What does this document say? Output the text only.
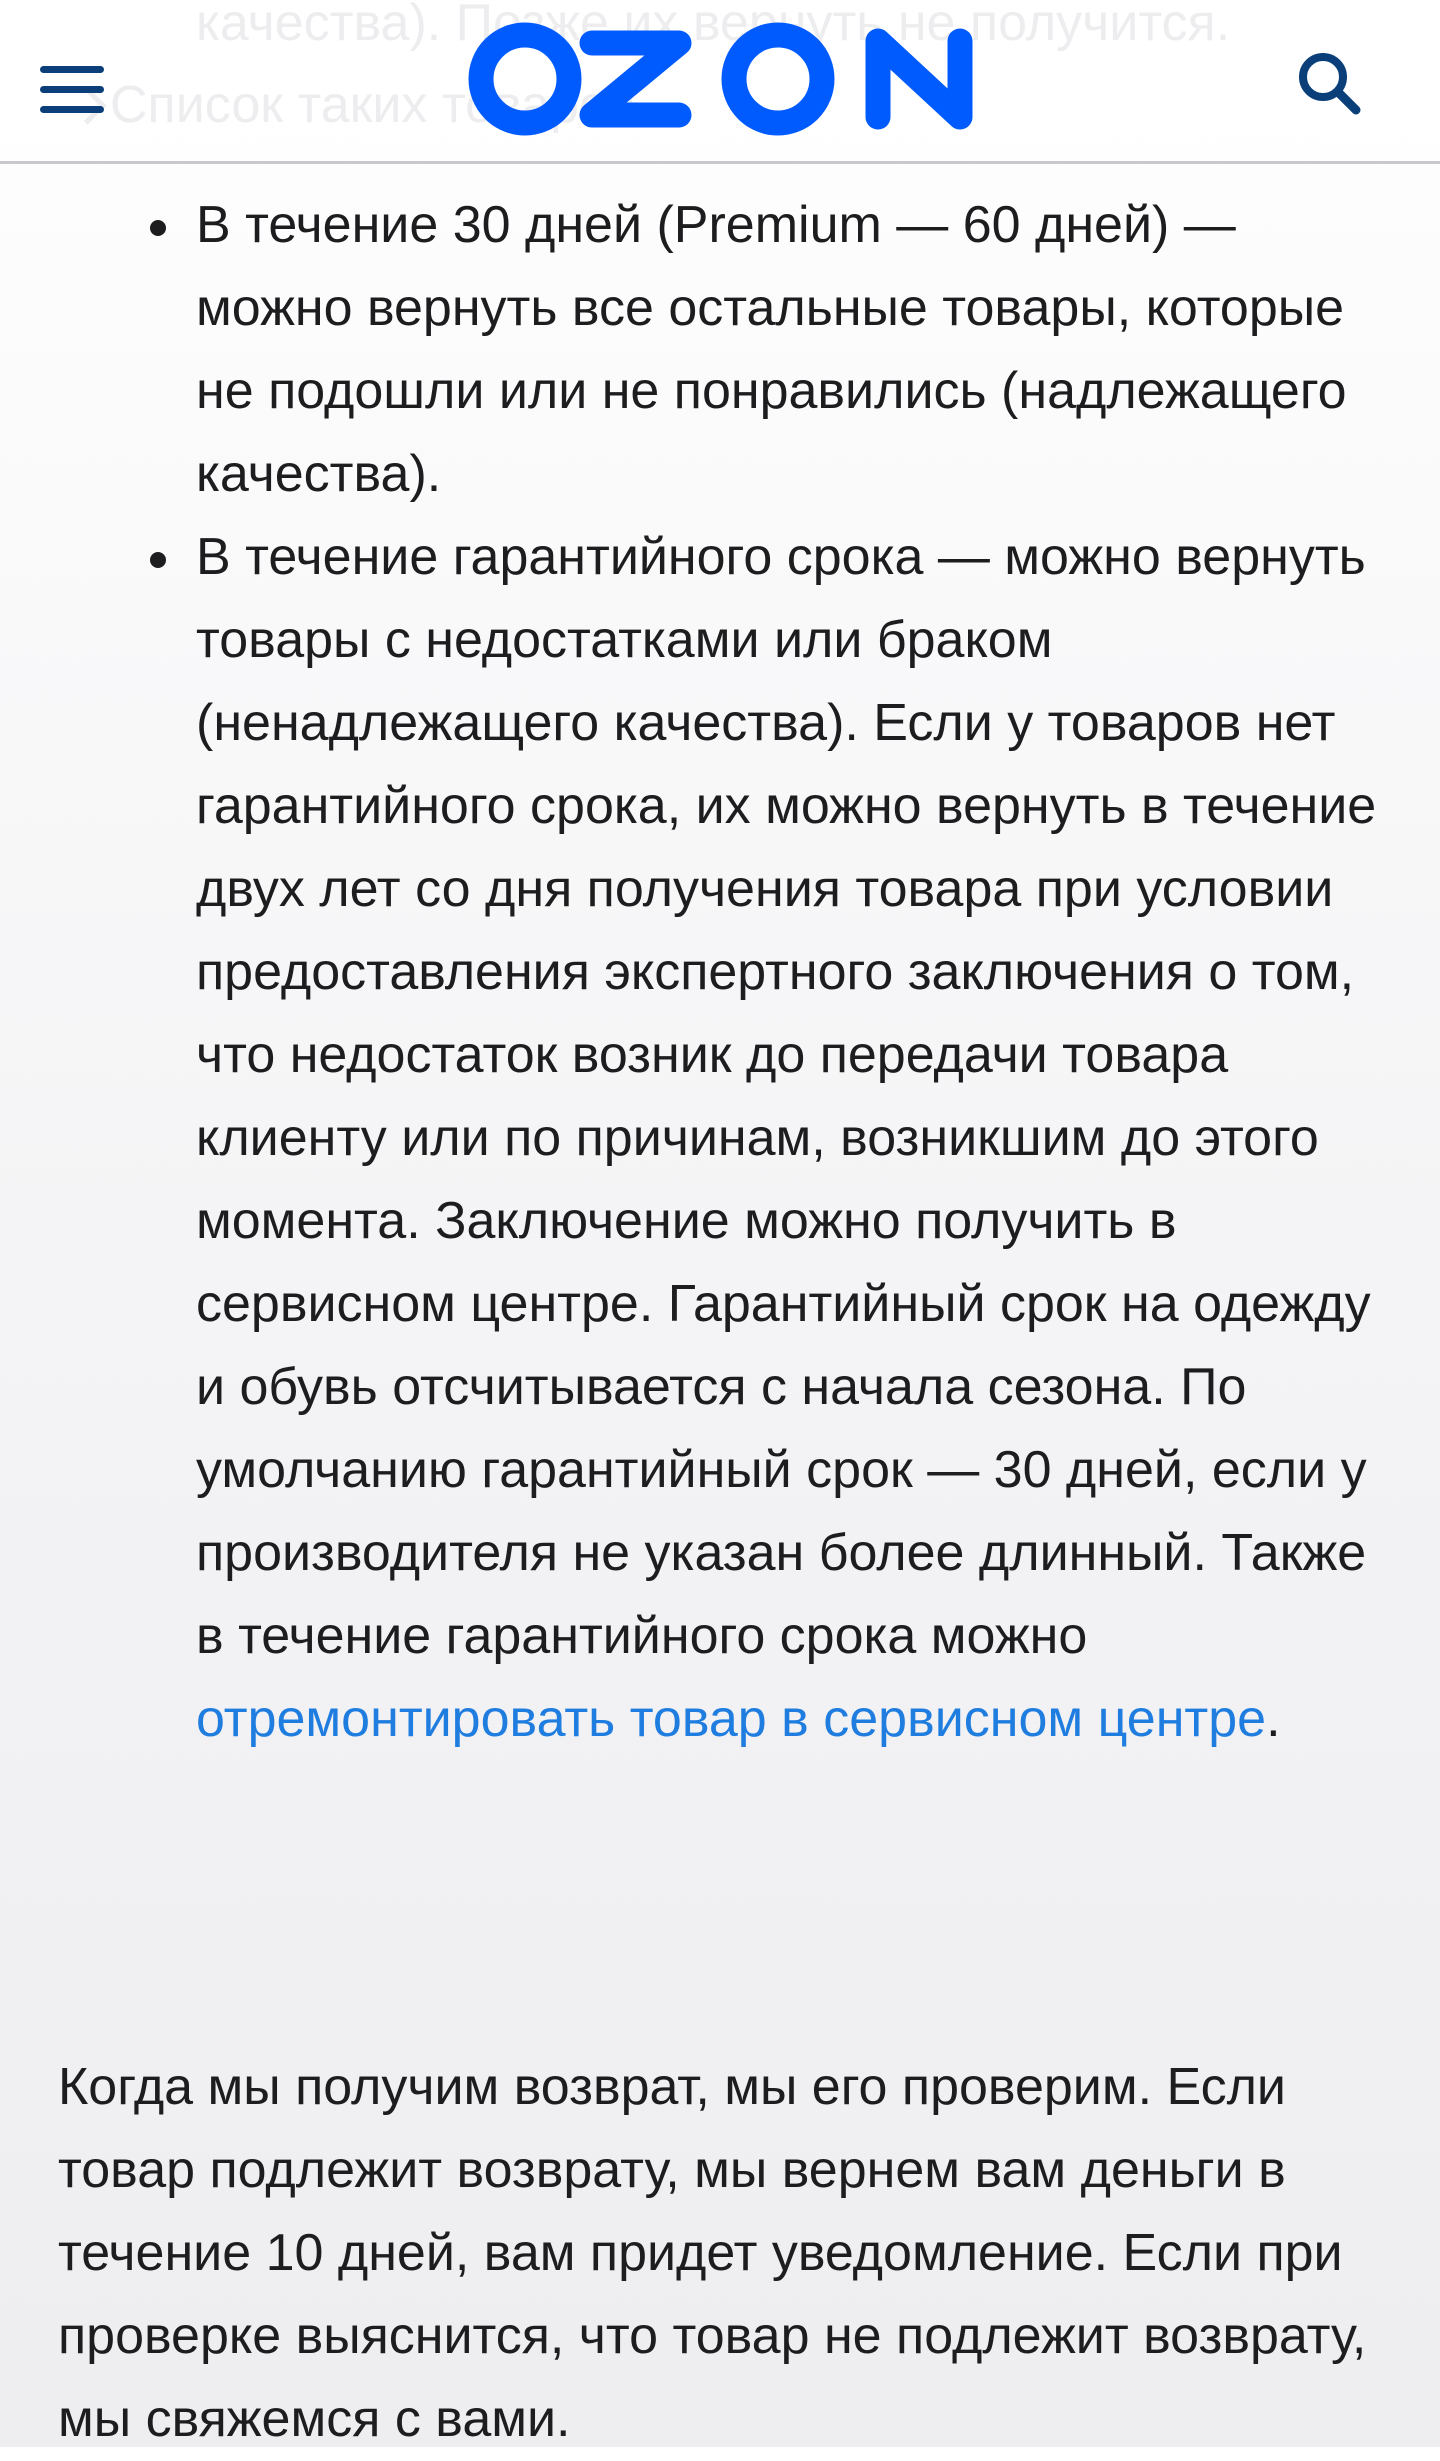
В течение 30 дней (Premium — 60 дней) — можно вернуть все остальные товары, которые не подошли или не понравились (надлежащего качества).
В течение гарантийного срока — можно вернуть товары с недостатками или браком (ненадлежащего качества). Если у товаров нет гарантийного срока, их можно вернуть в течение двух лет со дня получения товара при условии предоставления экспертного заключения о том, что недостаток возник до передачи товара клиенту или по причинам, возникшим до этого момента. Заключение можно получить в сервисном центре. Гарантийный срок на одежду и обувь отсчитывается с начала сезона. По умолчанию гарантийный срок — 30 дней, если у производителя не указан более длинный. Также в течение гарантийного срока можно отремонтировать товар в сервисном центре.

Когда мы получим возврат, мы его проверим. Если товар подлежит возврату, мы вернем вам деньги в течение 10 дней, вам придет уведомление. Если при проверке выяснится, что товар не подлежит возврату, мы свяжемся с вами.
